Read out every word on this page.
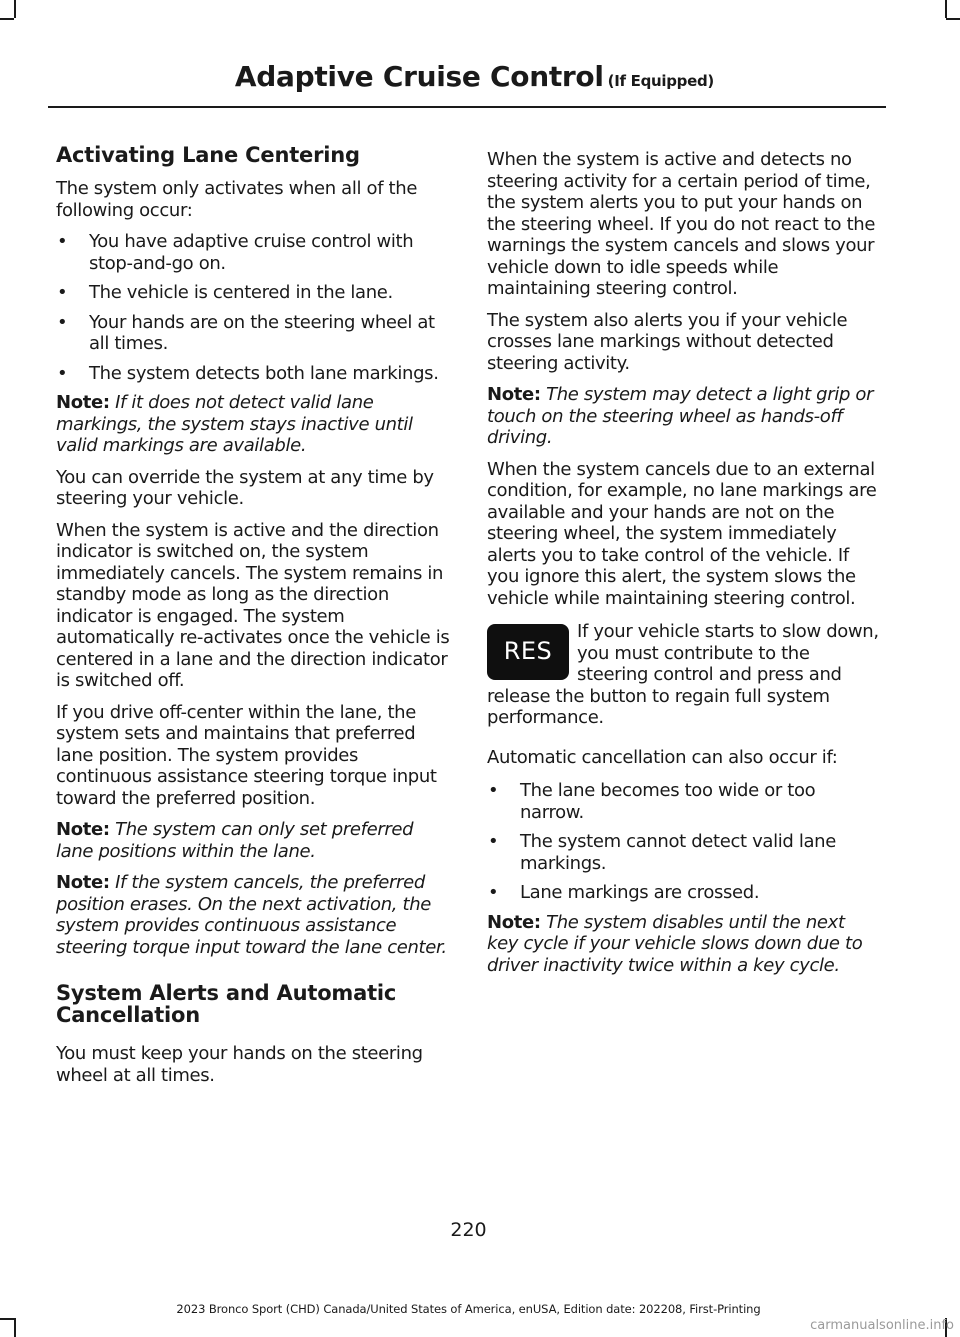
Adaptive Cruise Control (If Equipped)
Activating Lane Centering

The system only activates when all of the following occur:

• You have adaptive cruise control with stop-and-go on.
• The vehicle is centered in the lane.
• Your hands are on the steering wheel at all times.
• The system detects both lane markings.

Note: If it does not detect valid lane markings, the system stays inactive until valid markings are available.

You can override the system at any time by steering your vehicle.

When the system is active and the direction indicator is switched on, the system immediately cancels. The system remains in standby mode as long as the direction indicator is engaged. The system automatically re-activates once the vehicle is centered in a lane and the direction indicator is switched off.

If you drive off-center within the lane, the system sets and maintains that preferred lane position. The system provides continuous assistance steering torque input toward the preferred position.

Note: The system can only set preferred lane positions within the lane.

Note: If the system cancels, the preferred position erases. On the next activation, the system provides continuous assistance steering torque input toward the lane center.

System Alerts and Automatic Cancellation

You must keep your hands on the steering wheel at all times.

When the system is active and detects no steering activity for a certain period of time, the system alerts you to put your hands on the steering wheel. If you do not react to the warnings the system cancels and slows your vehicle down to idle speeds while maintaining steering control.

The system also alerts you if your vehicle crosses lane markings without detected steering activity.

Note: The system may detect a light grip or touch on the steering wheel as hands-off driving.

When the system cancels due to an external condition, for example, no lane markings are available and your hands are not on the steering wheel, the system immediately alerts you to take control of the vehicle. If you ignore this alert, the system slows the vehicle while maintaining steering control.

RES

If your vehicle starts to slow down, you must contribute to the steering control and press and release the button to regain full system performance.

Automatic cancellation can also occur if:

• The lane becomes too wide or too narrow.
• The system cannot detect valid lane markings.
• Lane markings are crossed.

Note: The system disables until the next key cycle if your vehicle slows down due to driver inactivity twice within a key cycle.

220
2023 Bronco Sport (CHD) Canada/United States of America, enUSA, Edition date: 202208, First-Printing
carmanualsonline.info
